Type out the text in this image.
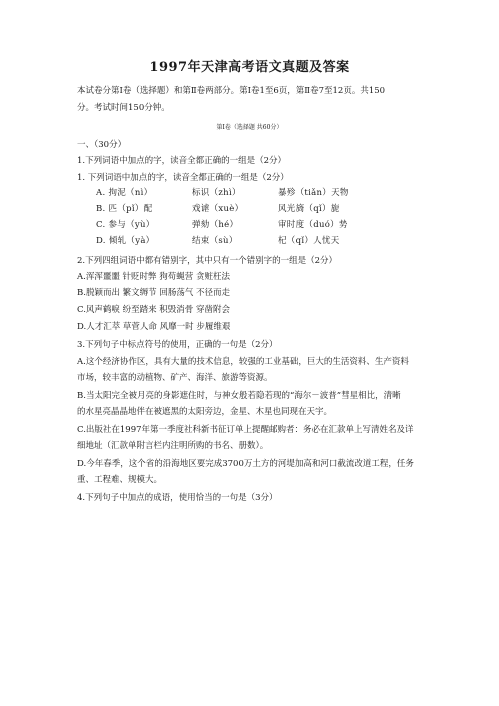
1997年天津高考语文真题及答案
本试卷分第Ⅰ卷（选择题）和第Ⅱ卷两部分。第Ⅰ卷1至6页，第Ⅱ卷7至12页。共150
分。考试时间150分钟。
第Ⅰ卷（选择题 共60分）
一、（30分）
1.下列词语中加点的字，读音全都正确的一组是（2分）
1. 下列词语中加点的字，读音全都正确的一组是（2分）
A. 拘泥（nì）	标识（zhì）	暴殄（tiǎn）天物
B. 匹（pǐ）配	戏谑（xuè）	风光旖（qǐ）旎
C. 参与（yù）	弹劾（hé）	审时度（duó）势
D. 倾轧（yà）	结束（sù）	杞（qǐ）人忧天
2.下列四组词语中都有错别字，其中只有一个错别字的一组是（2分）
A.浑浑噩噩 针贬时弊 狗苟蝇营 贪赃枉法
B.脱颖而出 繁文缛节 回肠荡气 不径而走
C.风声鹤唳 纷至踏来 积毁消骨 穿凿附会
D.人才汇萃 草菅人命 风靡一时 步履维艰
3.下列句子中标点符号的使用，正确的一句是（2分）
A.这个经济协作区，具有大量的技术信息，较强的工业基础，巨大的生活资料、生产资料
市场，较丰富的动植物、矿产、海洋、旅游等资源。
B.当太阳完全被月亮的身影遮住时，与神女般若隐若现的“海尔－波普”彗星相比，清晰
的水星亮晶晶地伴在被遮黑的太阳旁边，金星、木星也同现在天宇。
C.出版社在1997年第一季度社科新书征订单上提醒邮购者：务必在汇款单上写清姓名及详
细地址（汇款单附言栏内注明所购的书名、册数）。
D.今年春季，这个省的沿海地区要完成3700万土方的河堤加高和河口截流改道工程，任务
重、工程难、规模大。
4.下列句子中加点的成语，使用恰当的一句是（3分）
